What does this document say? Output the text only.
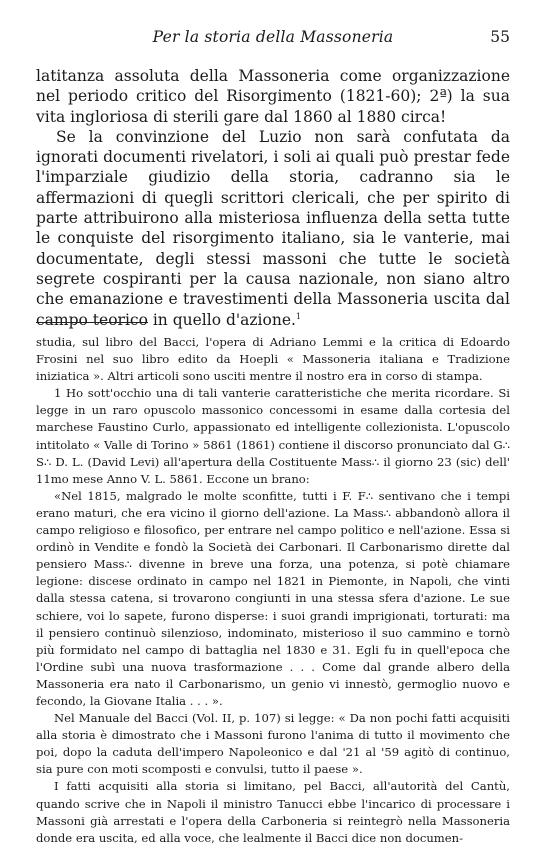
Per la storia della Massoneria	55

latitanza assoluta della Massoneria come organizzazione nel periodo critico del Risorgimento (1821-60); 2ª) la sua vita ingloriosa di sterili gare dal 1860 al 1880 circa!

Se la convinzione del Luzio non sarà confutata da ignorati documenti rivelatori, i soli ai quali può prestar fede l'imparziale giudizio della storia, cadranno sia le affermazioni di quegli scrittori clericali, che per spirito di parte attribuirono alla misteriosa influenza della setta tutte le conquiste del risorgimento italiano, sia le vanterie, mai documentate, degli stessi massoni che tutte le società segrete cospiranti per la causa nazionale, non siano altro che emanazione e travestimenti della Massoneria uscita dal campo teorico in quello d'azione.$^1$

studia, sul libro del Bacci, l'opera di Adriano Lemmi e la critica di Edoardo Frosini nel suo libro edito da Hoepli « Massoneria italiana e Tradizione iniziatica ». Altri articoli sono usciti mentre il nostro era in corso di stampa.

1 Ho sott'occhio una di tali vanterie caratteristiche che merita ricordare. Si legge in un raro opuscolo massonico concessomi in esame dalla cortesia del marchese Faustino Curlo, appassionato ed intelligente collezionista. L'opuscolo intitolato « Valle di Torino » 5861 (1861) contiene il discorso pronunciato dal G∴ S∴ D. L. (David Levi) all'apertura della Costituente Mass∴ il giorno 23 (sic) dell' 11mo mese Anno V. L. 5861. Eccone un brano:

«Nel 1815, malgrado le molte sconfitte, tutti i F. F∴ sentivano che i tempi erano maturi, che era vicino il giorno dell'azione. La Mass∴ abbandonò allora il campo religioso e filosofico, per entrare nel campo politico e nell'azione. Essa si ordinò in Vendite e fondò la Società dei Carbonari. Il Carbonarismo dirette dal pensiero Mass∴ divenne in breve una forza, una potenza, si potè chiamare legione: discese ordinato in campo nel 1821 in Piemonte, in Napoli, che vinti dalla stessa catena, si trovarono congiunti in una stessa sfera d'azione. Le sue schiere, voi lo sapete, furono disperse: i suoi grandi imprigionati, torturati: ma il pensiero continuò silenzioso, indominato, misterioso il suo cammino e tornò più formidato nel campo di battaglia nel 1830 e 31. Egli fu in quell'epoca che l'Ordine subì una nuova trasformazione . . . Come dal grande albero della Massoneria era nato il Carbonarismo, un genio vi innestò, germoglio nuovo e fecondo, la Giovane Italia . . . ».

Nel Manuale del Bacci (Vol. II, p. 107) si legge: « Da non pochi fatti acquisiti alla storia è dimostrato che i Massoni furono l'anima di tutto il movimento che poi, dopo la caduta dell'impero Napoleonico e dal '21 al '59 agitò di continuo, sia pure con moti scomposti e convulsi, tutto il paese ».

I fatti acquisiti alla storia si limitano, pel Bacci, all'autorità del Cantù, quando scrive che in Napoli il ministro Tanucci ebbe l'incarico di processare i Massoni già arrestati e l'opera della Carboneria si reintegrò nella Massoneria donde era uscita, ed alla voce, che lealmente il Bacci dice non documen-
